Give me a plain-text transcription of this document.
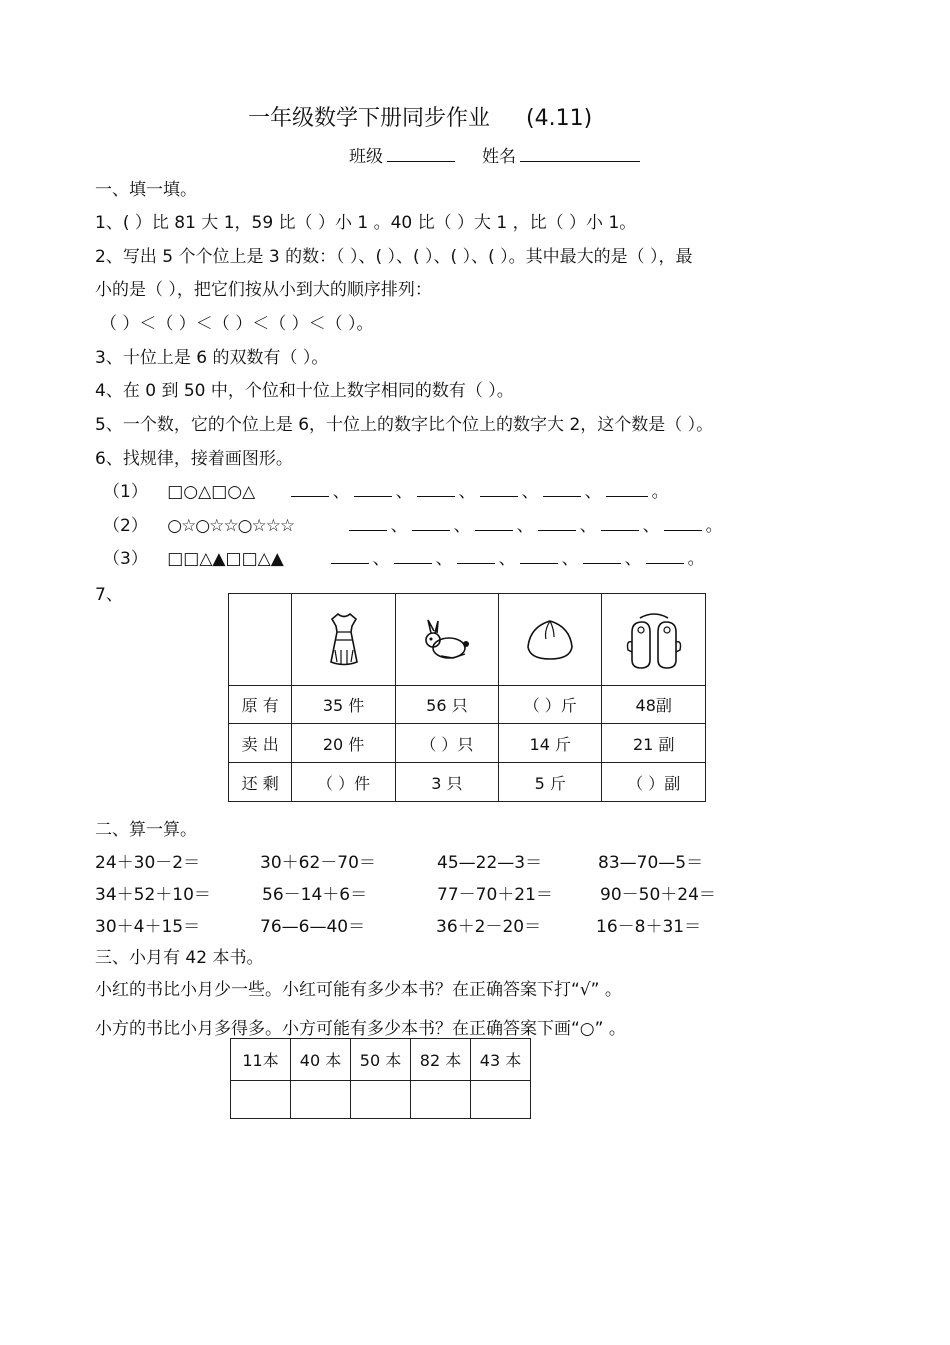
一年级数学下册同步作业 (4.11)
班级	姓名
一、填一填。
1、( ）比 81 大 1，59 比（ ）小 1 。40 比（ ）大 1 ，比（ ）小 1。
2、写出 5 个个位上是 3 的数：（ ）、( ）、( ）、( ）、( ）。其中最大的是（ ），最
小的是（ ），把它们按从小到大的顺序排列：
（ ）＜（ ）＜（ ）＜（ ）＜（ ）。
3、十位上是 6 的双数有（ ）。
4、在 0 到 50 中，个位和十位上数字相同的数有（ ）。
5、一个数，它的个位上是 6，十位上的数字比个位上的数字大 2，这个数是（ ）。
6、找规律，接着画图形。
（1） □○△□○△	、	、	、	、	、	。
（2） ○☆○☆☆○☆☆☆	、	、	、	、	、	。
（3） □□△▲□□△▲	、	、	、	、	、	。
7、

原 有	35 件	56 只	（ ）斤	48副
卖 出	20 件	（ ）只	14 斤	21 副
还 剩	（ ）件	3 只	5 斤	（ ）副
二、算一算。
24＋30－2＝	30＋62－70＝	45—22—3＝	83—70—5＝
34＋52＋10＝	56－14＋6＝	77－70＋21＝	90－50＋24＝
30＋4＋15＝	76—6—40＝	36＋2－20＝	16－8＋31＝
三、小月有 42 本书。
小红的书比小月少一些。小红可能有多少本书？在正确答案下打“√” 。
小方的书比小月多得多。小方可能有多少本书？在正确答案下画“○” 。
11本	40 本	50 本	82 本	43 本
